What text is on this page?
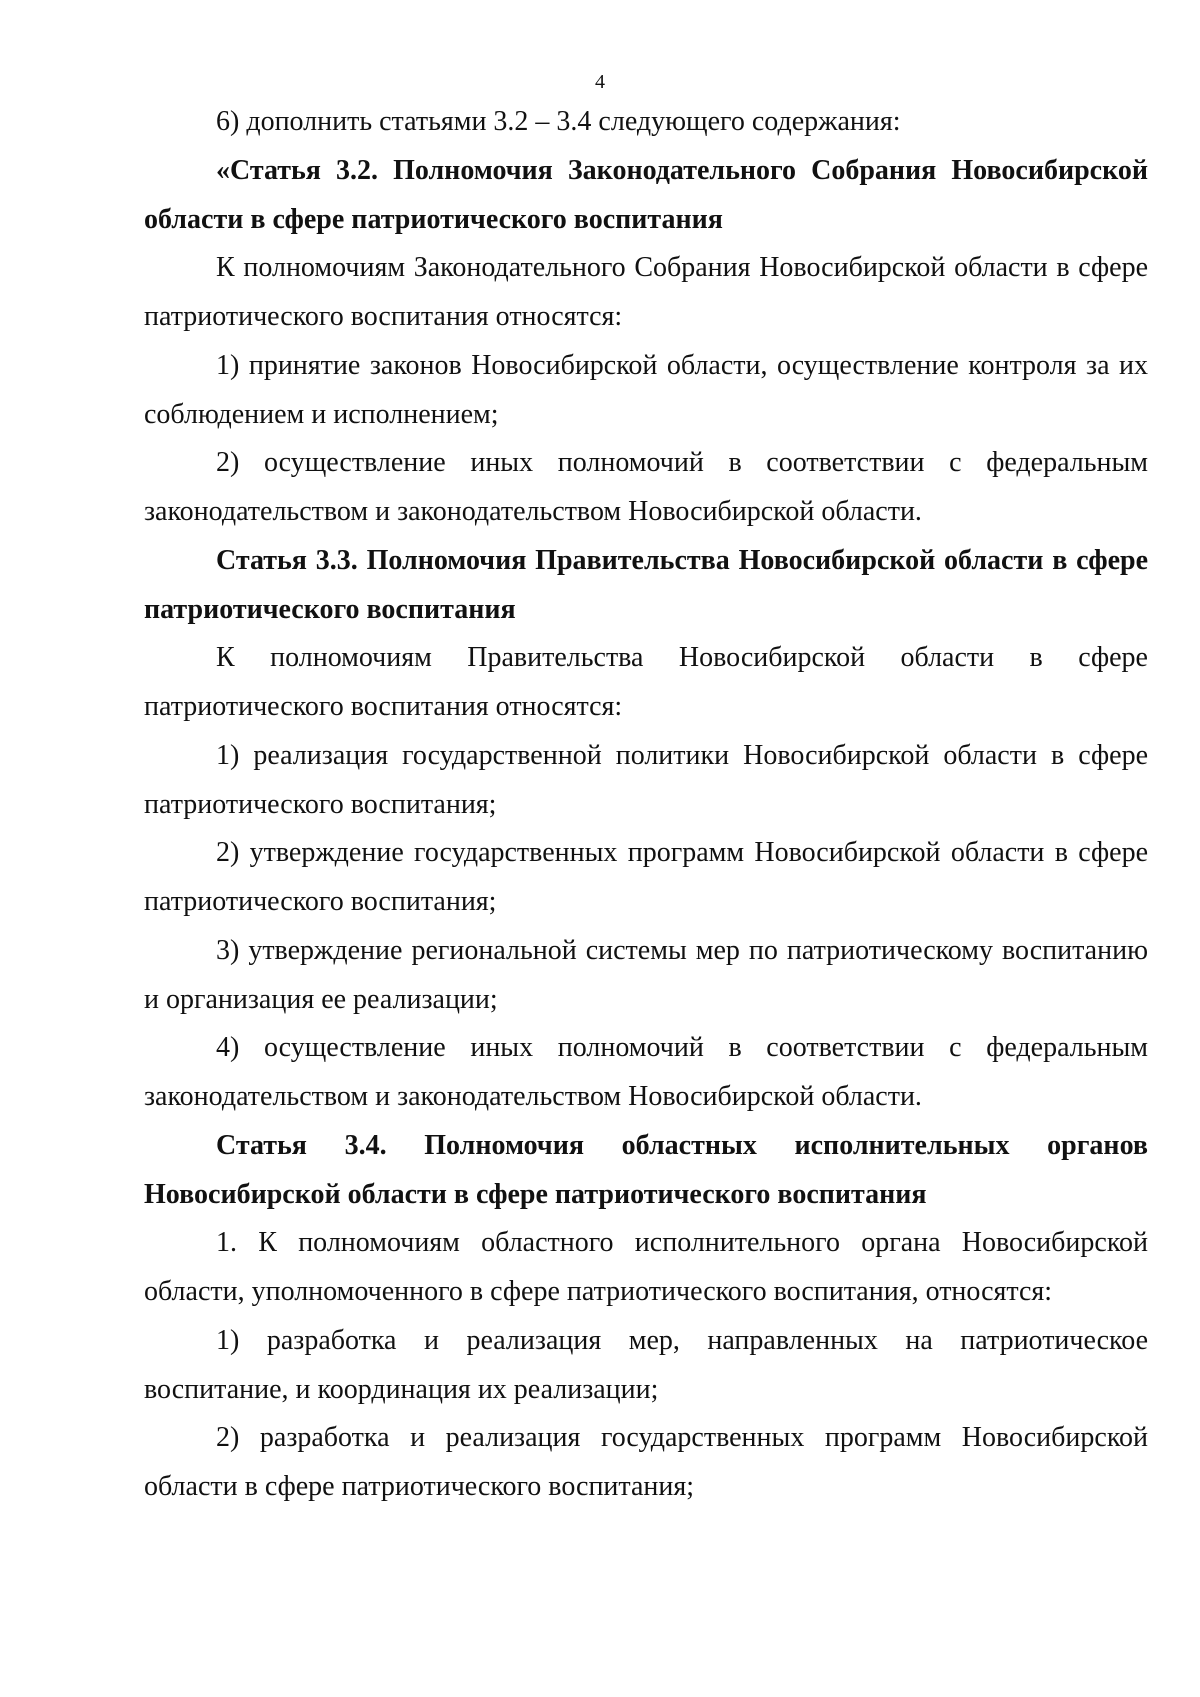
4

6) дополнить статьями 3.2 – 3.4 следующего содержания:

«Статья 3.2. Полномочия Законодательного Собрания Новосибирской области в сфере патриотического воспитания

К полномочиям Законодательного Собрания Новосибирской области в сфере патриотического воспитания относятся:

1) принятие законов Новосибирской области, осуществление контроля за их соблюдением и исполнением;

2) осуществление иных полномочий в соответствии с федеральным законодательством и законодательством Новосибирской области.

Статья 3.3. Полномочия Правительства Новосибирской области в сфере патриотического воспитания

К полномочиям Правительства Новосибирской области в сфере патриотического воспитания относятся:

1) реализация государственной политики Новосибирской области в сфере патриотического воспитания;

2) утверждение государственных программ Новосибирской области в сфере патриотического воспитания;

3) утверждение региональной системы мер по патриотическому воспитанию и организация ее реализации;

4) осуществление иных полномочий в соответствии с федеральным законодательством и законодательством Новосибирской области.

Статья 3.4. Полномочия областных исполнительных органов Новосибирской области в сфере патриотического воспитания

1. К полномочиям областного исполнительного органа Новосибирской области, уполномоченного в сфере патриотического воспитания, относятся:

1) разработка и реализация мер, направленных на патриотическое воспитание, и координация их реализации;

2) разработка и реализация государственных программ Новосибирской области в сфере патриотического воспитания;
